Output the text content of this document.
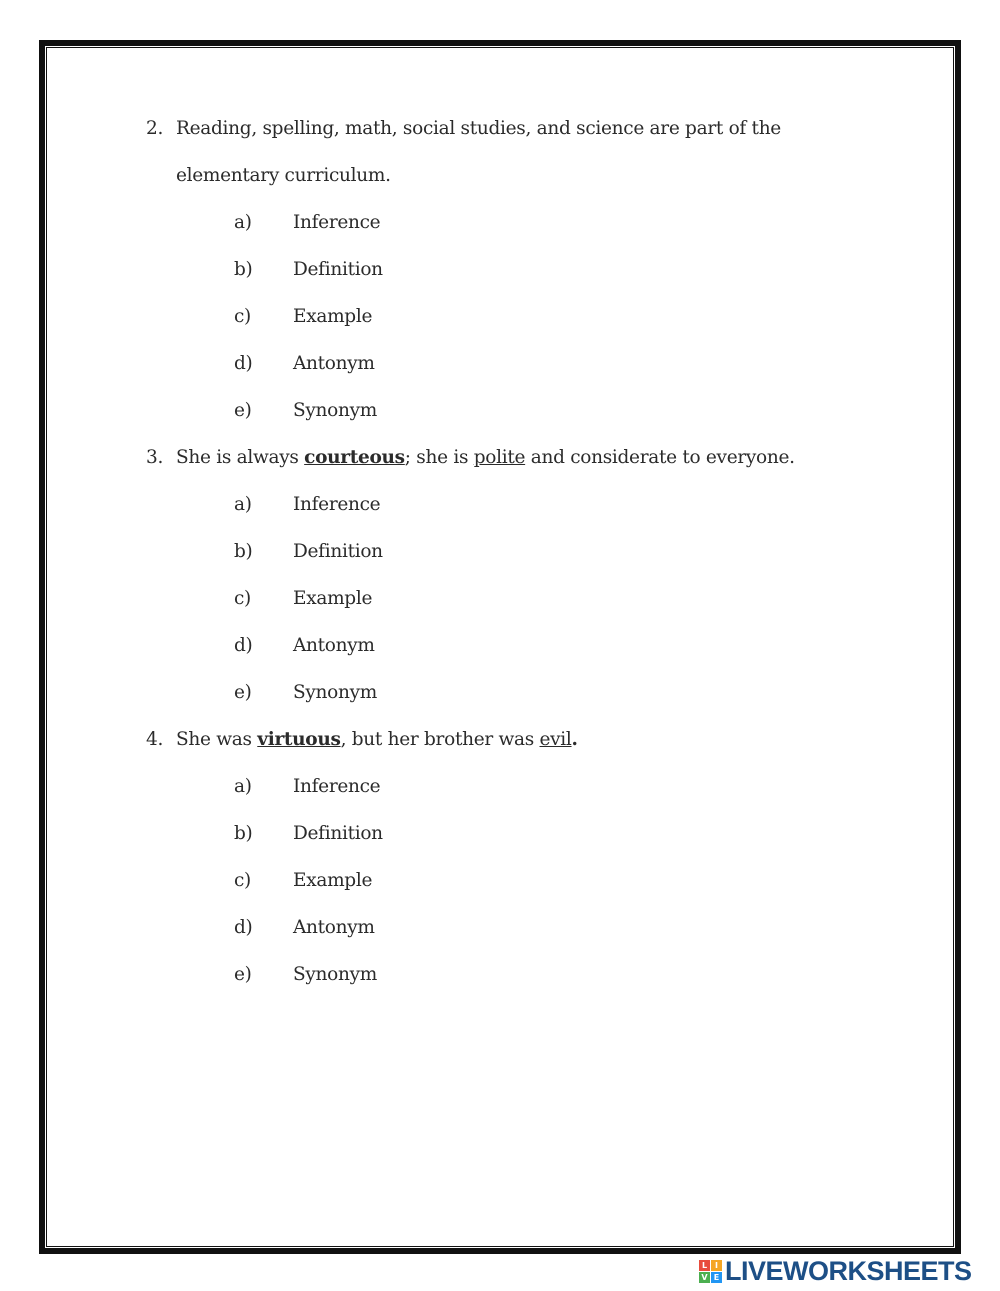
2. Reading, spelling, math, social studies, and science are part of the
elementary curriculum.
a) Inference
b) Definition
c) Example
d) Antonym
e) Synonym
3. She is always courteous; she is polite and considerate to everyone.
a) Inference
b) Definition
c) Example
d) Antonym
e) Synonym
4. She was virtuous, but her brother was evil.
a) Inference
b) Definition
c) Example
d) Antonym
e) Synonym
L I
V E LIVEWORKSHEETS
